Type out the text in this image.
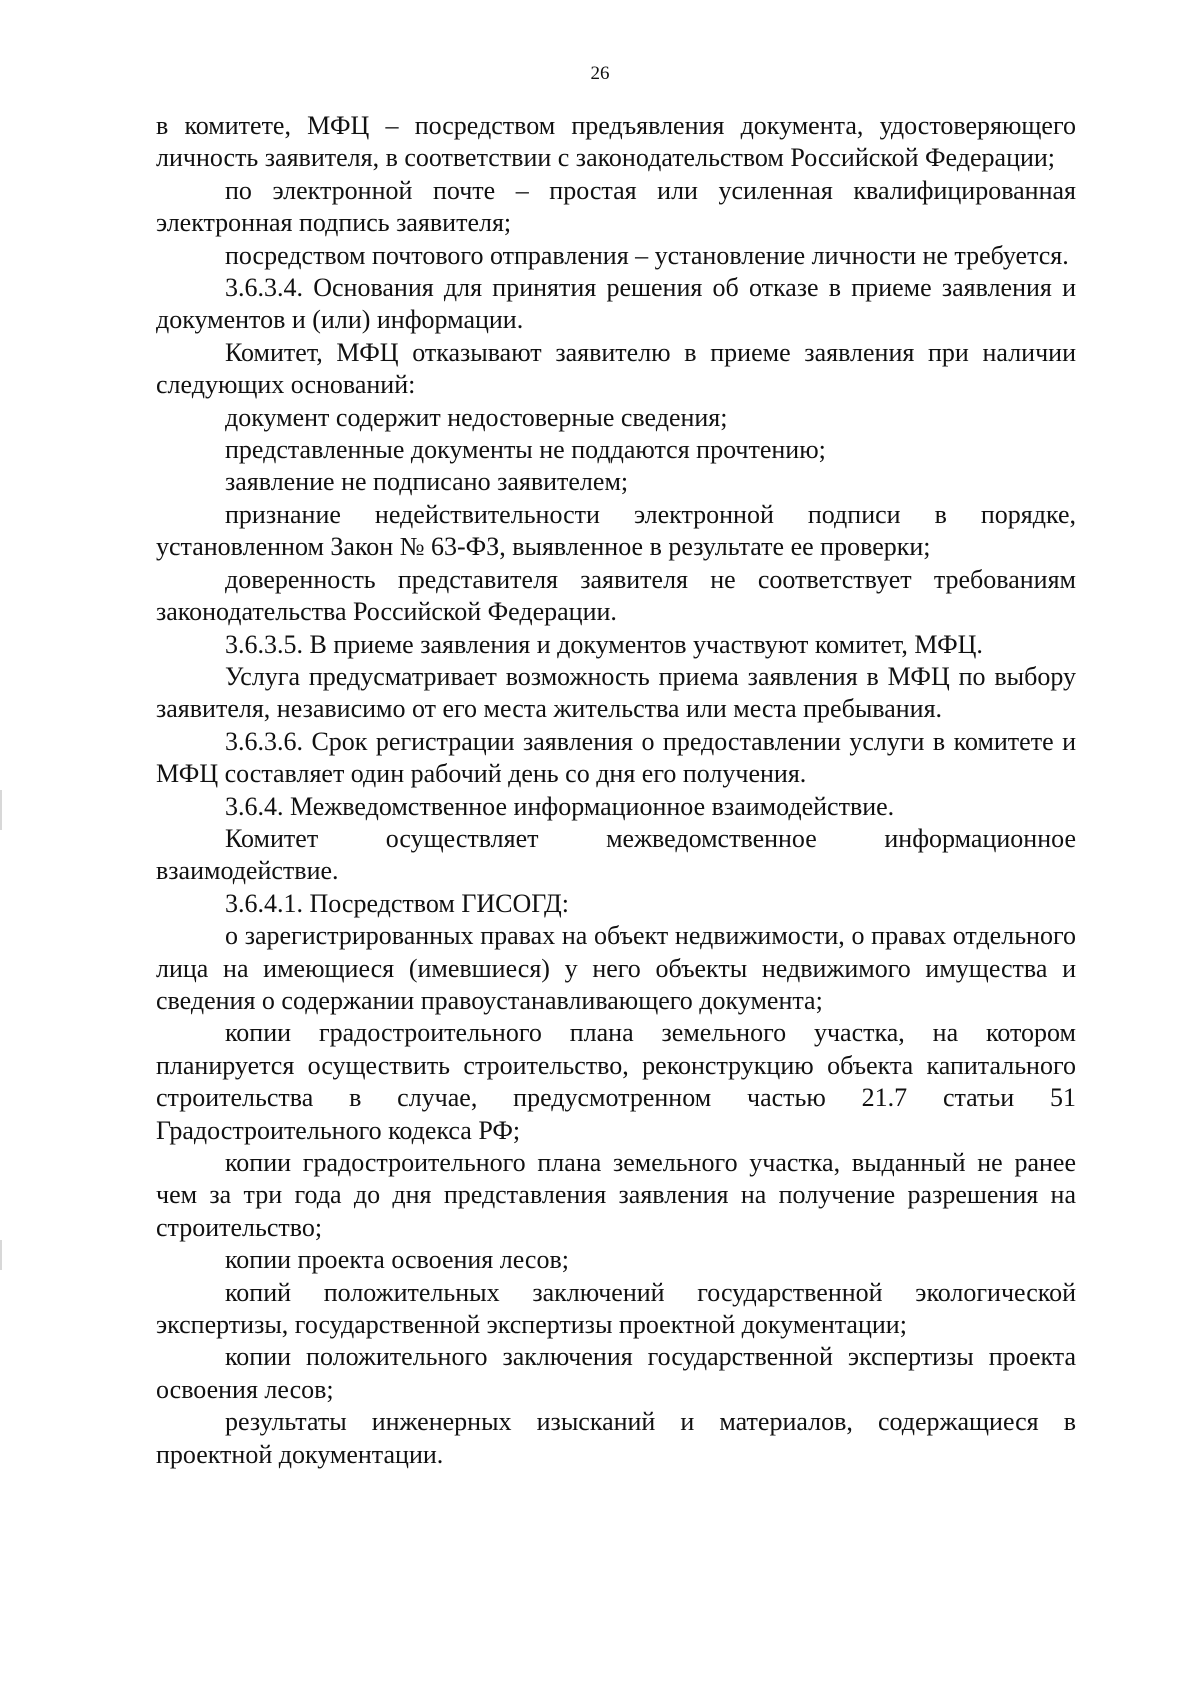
26

в комитете, МФЦ – посредством предъявления документа, удостоверяющего личность заявителя, в соответствии с законодательством Российской Федерации;

по электронной почте – простая или усиленная квалифицированная электронная подпись заявителя;

посредством почтового отправления – установление личности не требуется.

3.6.3.4. Основания для принятия решения об отказе в приеме заявления и документов и (или) информации.

Комитет, МФЦ отказывают заявителю в приеме заявления при наличии следующих оснований:

документ содержит недостоверные сведения;

представленные документы не поддаются прочтению;

заявление не подписано заявителем;

признание недействительности электронной подписи в порядке, установленном Закон № 63-ФЗ, выявленное в результате ее проверки;

доверенность представителя заявителя не соответствует требованиям законодательства Российской Федерации.

3.6.3.5. В приеме заявления и документов участвуют комитет, МФЦ.

Услуга предусматривает возможность приема заявления в МФЦ по выбору заявителя, независимо от его места жительства или места пребывания.

3.6.3.6. Срок регистрации заявления о предоставлении услуги в комитете и МФЦ составляет один рабочий день со дня его получения.

3.6.4. Межведомственное информационное взаимодействие.

Комитет осуществляет межведомственное информационное взаимодействие.

3.6.4.1. Посредством ГИСОГД:

о зарегистрированных правах на объект недвижимости, о правах отдельного лица на имеющиеся (имевшиеся) у него объекты недвижимого имущества и сведения о содержании правоустанавливающего документа;

копии градостроительного плана земельного участка, на котором планируется осуществить строительство, реконструкцию объекта капитального строительства в случае, предусмотренном частью 21.7 статьи 51 Градостроительного кодекса РФ;

копии градостроительного плана земельного участка, выданный не ранее чем за три года до дня представления заявления на получение разрешения на строительство;

копии проекта освоения лесов;

копий положительных заключений государственной экологической экспертизы, государственной экспертизы проектной документации;

копии положительного заключения государственной экспертизы проекта освоения лесов;

результаты инженерных изысканий и материалов, содержащиеся в проектной документации.
